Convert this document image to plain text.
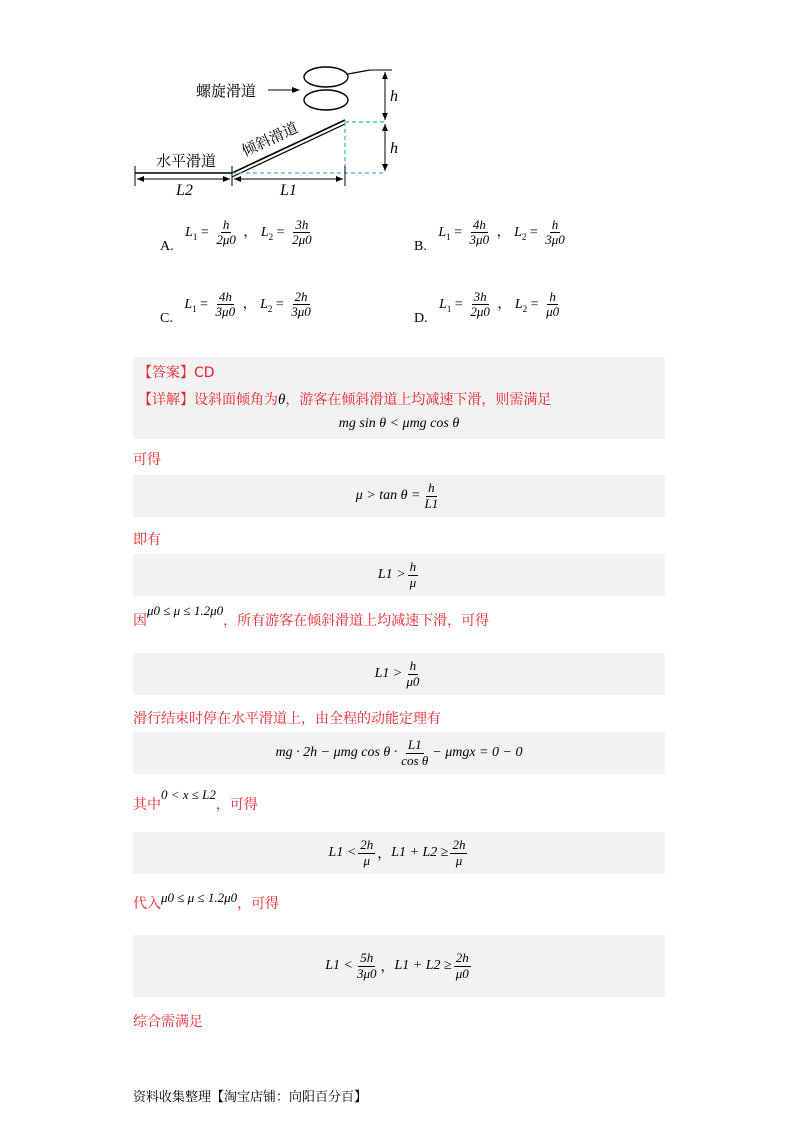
螺旋滑道
倾斜滑道
水平滑道
h
h
L2	L1
A. $L_1 = \frac{h}{2\mu 0}$ ， $L_2 = \frac{3h}{2\mu 0}$	B. $L_1 = \frac{4h}{3\mu 0}$ ， $L_2 = \frac{h}{3\mu 0}$
C. $L_1 = \frac{4h}{3\mu 0}$ ， $L_2 = \frac{2h}{3\mu 0}$	D. $L_1 = \frac{3h}{2\mu 0}$ ， $L_2 = \frac{h}{\mu 0}$
【答案】CD
【详解】设斜面倾角为θ，游客在倾斜滑道上均减速下滑，则需满足
mg sin θ < μmg cos θ
可得
$\mu > \tan \theta = \frac{h}{L1}$
即有
$L1 > \frac{h}{\mu}$
因μ0 ≤ μ ≤ 1.2μ0，所有游客在倾斜滑道上均减速下滑，可得
$L1 > \frac{h}{\mu 0}$
滑行结束时停在水平滑道上，由全程的动能定理有
mg · 2h − μmg $\cos \theta \cdot \frac{L1}{\text{cos θ}} - \mu mgx = 0 - 0$
其中0 < x ≤ L2，可得
$L1 < \frac{2h}{\mu}$ ， $L1 + L2 \ge \frac{2h}{\mu}$
代入μ0 ≤ μ ≤ 1.2μ0，可得
$L1 < \frac{5h}{3\mu 0}$ ， $L1 + L2 \ge \frac{2h}{\mu 0}$
综合需满足
资料收集整理【淘宝店铺：向阳百分百】
